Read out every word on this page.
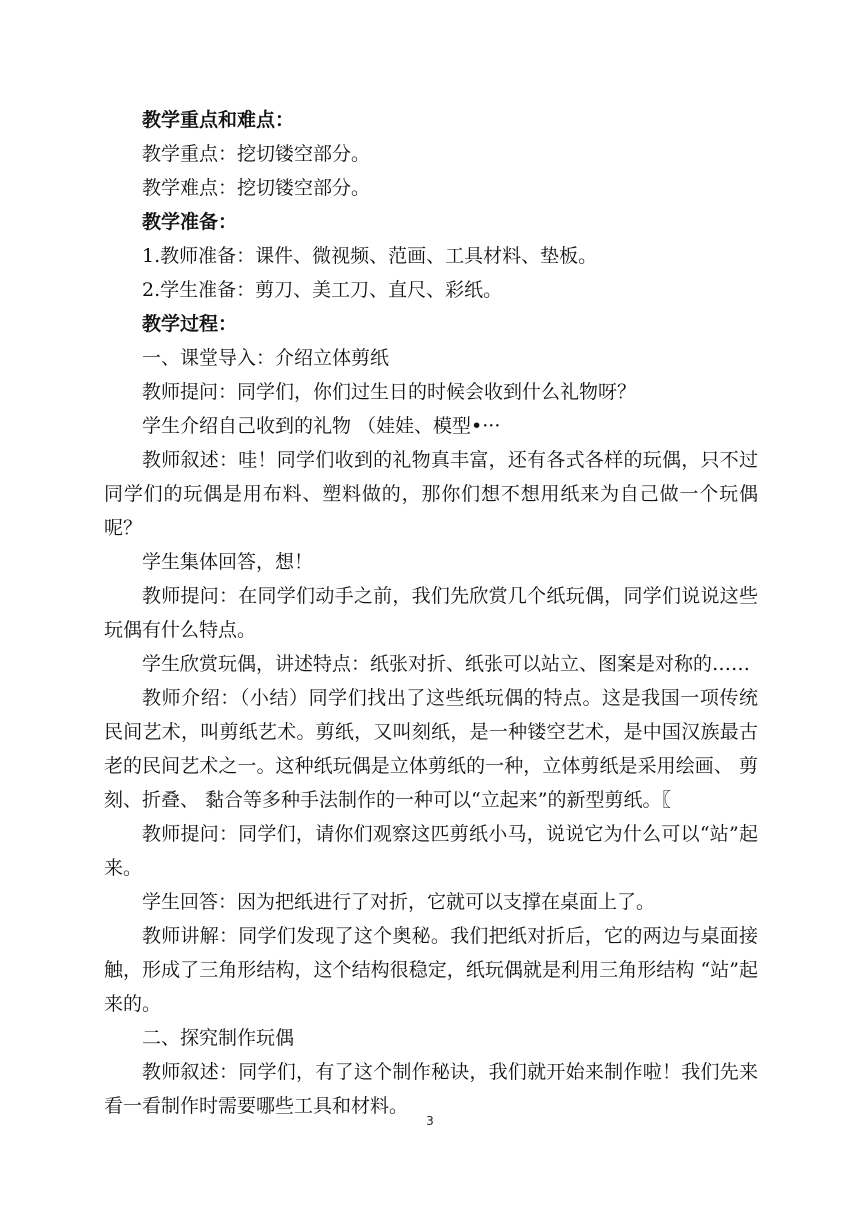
教学重点和难点：

教学重点：挖切镂空部分。

教学难点：挖切镂空部分。

教学准备：

1.教师准备：课件、微视频、范画、工具材料、垫板。

2.学生准备：剪刀、美工刀、直尺、彩纸。

教学过程：

一、课堂导入：介绍立体剪纸

教师提问：同学们，你们过生日的时候会收到什么礼物呀？

学生介绍自己收到的礼物 （娃娃、模型•···

教师叙述：哇！同学们收到的礼物真丰富，还有各式各样的玩偶，只不过同学们的玩偶是用布料、塑料做的，那你们想不想用纸来为自己做一个玩偶呢？

学生集体回答，想！

教师提问：在同学们动手之前，我们先欣赏几个纸玩偶，同学们说说这些玩偶有什么特点。

学生欣赏玩偶，讲述特点：纸张对折、纸张可以站立、图案是对称的……

教师介绍：（小结）同学们找出了这些纸玩偶的特点。这是我国一项传统民间艺术，叫剪纸艺术。剪纸，又叫刻纸，是一种镂空艺术，是中国汉族最古老的民间艺术之一。这种纸玩偶是立体剪纸的一种，立体剪纸是采用绘画、 剪刻、折叠、 黏合等多种手法制作的一种可以“立起来”的新型剪纸。〖

教师提问：同学们，请你们观察这匹剪纸小马，说说它为什么可以“站”起来。

学生回答：因为把纸进行了对折，它就可以支撑在桌面上了。

教师讲解：同学们发现了这个奥秘。我们把纸对折后，它的两边与桌面接触，形成了三角形结构，这个结构很稳定，纸玩偶就是利用三角形结构 “站”起来的。

二、探究制作玩偶

教师叙述：同学们，有了这个制作秘诀，我们就开始来制作啦！我们先来看一看制作时需要哪些工具和材料。

3
